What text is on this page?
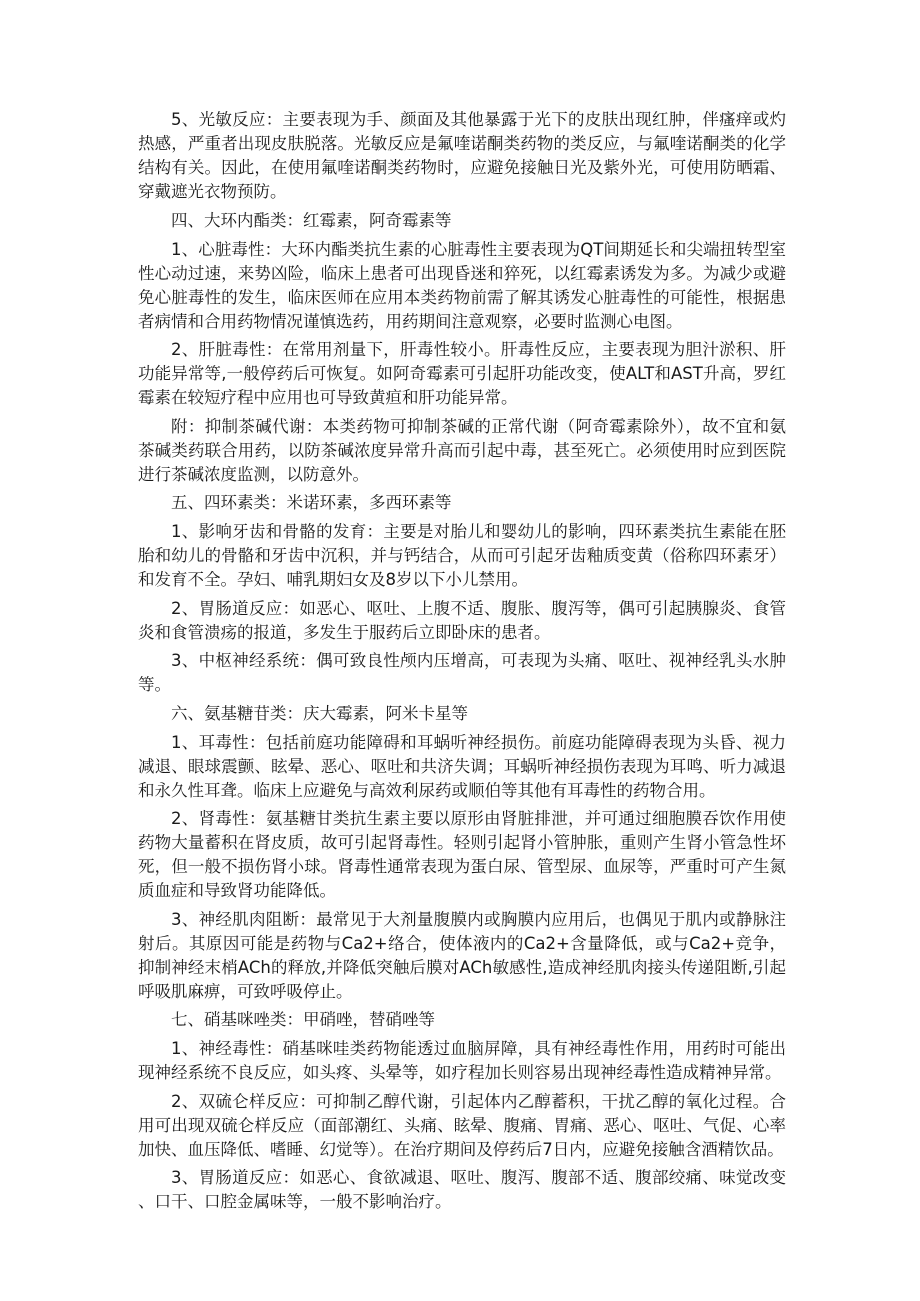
5、光敏反应：主要表现为手、颜面及其他暴露于光下的皮肤出现红肿，伴瘙痒或灼热感，严重者出现皮肤脱落。光敏反应是氟喹诺酮类药物的类反应，与氟喹诺酮类的化学结构有关。因此，在使用氟喹诺酮类药物时，应避免接触日光及紫外光，可使用防晒霜、穿戴遮光衣物预防。

四、大环内酯类：红霉素，阿奇霉素等

1、心脏毒性：大环内酯类抗生素的心脏毒性主要表现为QT间期延长和尖端扭转型室性心动过速，来势凶险，临床上患者可出现昏迷和猝死，以红霉素诱发为多。为减少或避免心脏毒性的发生，临床医师在应用本类药物前需了解其诱发心脏毒性的可能性，根据患者病情和合用药物情况谨慎选药，用药期间注意观察，必要时监测心电图。

2、肝脏毒性：在常用剂量下，肝毒性较小。肝毒性反应，主要表现为胆汁淤积、肝功能异常等,一般停药后可恢复。如阿奇霉素可引起肝功能改变，使ALT和AST升高，罗红霉素在较短疗程中应用也可导致黄疸和肝功能异常。

附：抑制茶碱代谢：本类药物可抑制茶碱的正常代谢（阿奇霉素除外），故不宜和氨茶碱类药联合用药，以防茶碱浓度异常升高而引起中毒，甚至死亡。必须使用时应到医院进行茶碱浓度监测，以防意外。

五、四环素类：米诺环素，多西环素等

1、影响牙齿和骨骼的发育：主要是对胎儿和婴幼儿的影响，四环素类抗生素能在胚胎和幼儿的骨骼和牙齿中沉积，并与钙结合，从而可引起牙齿釉质变黄（俗称四环素牙）和发育不全。孕妇、哺乳期妇女及8岁以下小儿禁用。

2、胃肠道反应：如恶心、呕吐、上腹不适、腹胀、腹泻等，偶可引起胰腺炎、食管炎和食管溃疡的报道，多发生于服药后立即卧床的患者。

3、中枢神经系统：偶可致良性颅内压增高，可表现为头痛、呕吐、视神经乳头水肿等。

六、氨基糖苷类：庆大霉素，阿米卡星等

1、耳毒性：包括前庭功能障碍和耳蜗听神经损伤。前庭功能障碍表现为头昏、视力减退、眼球震颤、眩晕、恶心、呕吐和共济失调；耳蜗听神经损伤表现为耳鸣、听力减退和永久性耳聋。临床上应避免与高效利尿药或顺伯等其他有耳毒性的药物合用。

2、肾毒性：氨基糖甘类抗生素主要以原形由肾脏排泄，并可通过细胞膜吞饮作用使药物大量蓄积在肾皮质，故可引起肾毒性。轻则引起肾小管肿胀，重则产生肾小管急性坏死，但一般不损伤肾小球。肾毒性通常表现为蛋白尿、管型尿、血尿等，严重时可产生氮质血症和导致肾功能降低。

3、神经肌肉阻断：最常见于大剂量腹膜内或胸膜内应用后，也偶见于肌内或静脉注射后。其原因可能是药物与Ca2+络合，使体液内的Ca2+含量降低，或与Ca2+竞争，抑制神经末梢ACh的释放,并降低突触后膜对ACh敏感性,造成神经肌肉接头传递阻断,引起呼吸肌麻痹，可致呼吸停止。

七、硝基咪唑类：甲硝唑，替硝唑等

1、神经毒性：硝基咪哇类药物能透过血脑屏障，具有神经毒性作用，用药时可能出现神经系统不良反应，如头疼、头晕等，如疗程加长则容易出现神经毒性造成精神异常。

2、双硫仑样反应：可抑制乙醇代谢，引起体内乙醇蓄积，干扰乙醇的氧化过程。合用可出现双硫仑样反应（面部潮红、头痛、眩晕、腹痛、胃痛、恶心、呕吐、气促、心率加快、血压降低、嗜睡、幻觉等）。在治疗期间及停药后7日内，应避免接触含酒精饮品。

3、胃肠道反应：如恶心、食欲减退、呕吐、腹泻、腹部不适、腹部绞痛、味觉改变、口干、口腔金属味等，一般不影响治疗。
